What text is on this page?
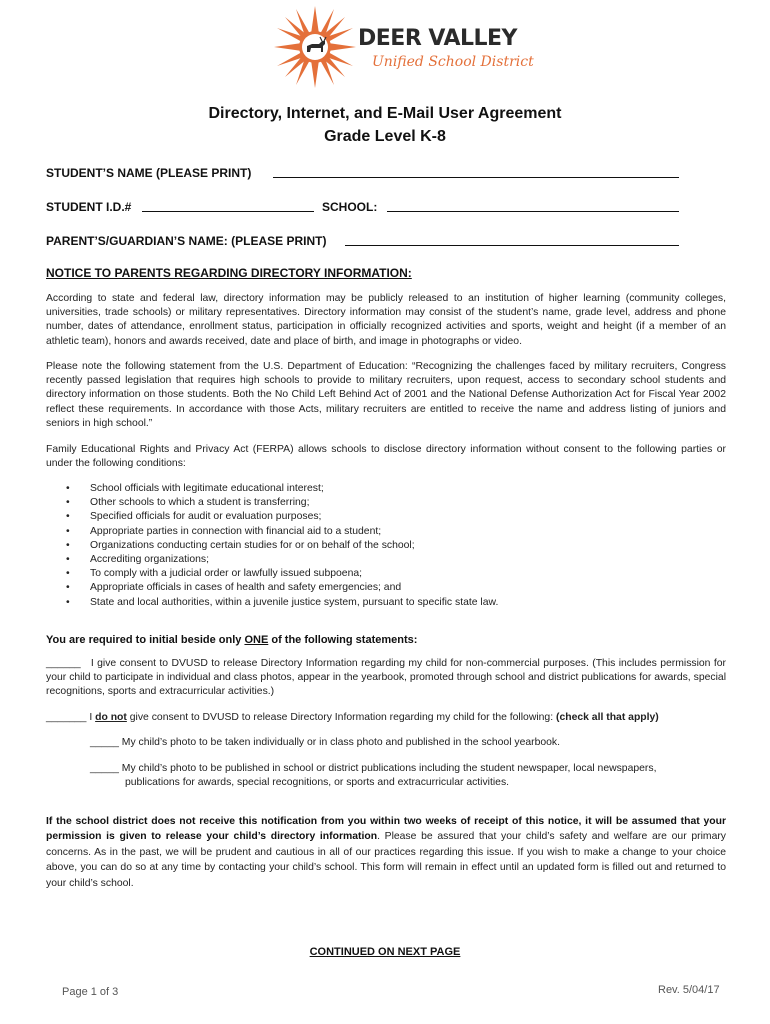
DEER VALLEY
Unified School District
Directory, Internet, and E-Mail User Agreement
Grade Level K-8
STUDENT’S NAME (PLEASE PRINT)
STUDENT I.D.#	SCHOOL:
PARENT’S/GUARDIAN’S NAME: (PLEASE PRINT)
NOTICE TO PARENTS REGARDING DIRECTORY INFORMATION:

According to state and federal law, directory information may be publicly released to an institution of higher learning (community colleges, universities, trade schools) or military representatives. Directory information may consist of the student’s name, grade level, address and phone number, dates of attendance, enrollment status, participation in officially recognized activities and sports, weight and height (if a member of an athletic team), honors and awards received, date and place of birth, and image in photographs or video.

Please note the following statement from the U.S. Department of Education: “Recognizing the challenges faced by military recruiters, Congress recently passed legislation that requires high schools to provide to military recruiters, upon request, access to secondary school students and directory information on those students. Both the No Child Left Behind Act of 2001 and the National Defense Authorization Act for Fiscal Year 2002 reflect these requirements. In accordance with those Acts, military recruiters are entitled to receive the name and address listing of juniors and seniors in high school.”

Family Educational Rights and Privacy Act (FERPA) allows schools to disclose directory information without consent to the following parties or under the following conditions:

• School officials with legitimate educational interest;
• Other schools to which a student is transferring;
• Specified officials for audit or evaluation purposes;
• Appropriate parties in connection with financial aid to a student;
• Organizations conducting certain studies for or on behalf of the school;
• Accrediting organizations;
• To comply with a judicial order or lawfully issued subpoena;
• Appropriate officials in cases of health and safety emergencies; and
• State and local authorities, within a juvenile justice system, pursuant to specific state law.
You are required to initial beside only ONE of the following statements:

______ I give consent to DVUSD to release Directory Information regarding my child for non-commercial purposes. (This includes permission for your child to participate in individual and class photos, appear in the yearbook, promoted through school and district publications for awards, special recognitions, sports and extracurricular activities.)

_______ I do not give consent to DVUSD to release Directory Information regarding my child for the following: (check all that apply)

_____ My child’s photo to be taken individually or in class photo and published in the school yearbook.

_____ My child’s photo to be published in school or district publications including the student newspaper, local newspapers,
publications for awards, special recognitions, or sports and extracurricular activities.

If the school district does not receive this notification from you within two weeks of receipt of this notice, it will be assumed that your permission is given to release your child’s directory information. Please be assured that your child’s safety and welfare are our primary concerns. As in the past, we will be prudent and cautious in all of our practices regarding this issue. If you wish to make a change to your choice above, you can do so at any time by contacting your child’s school. This form will remain in effect until an updated form is filled out and returned to your child’s school.

CONTINUED ON NEXT PAGE
Page 1 of 3	Rev. 5/04/17
